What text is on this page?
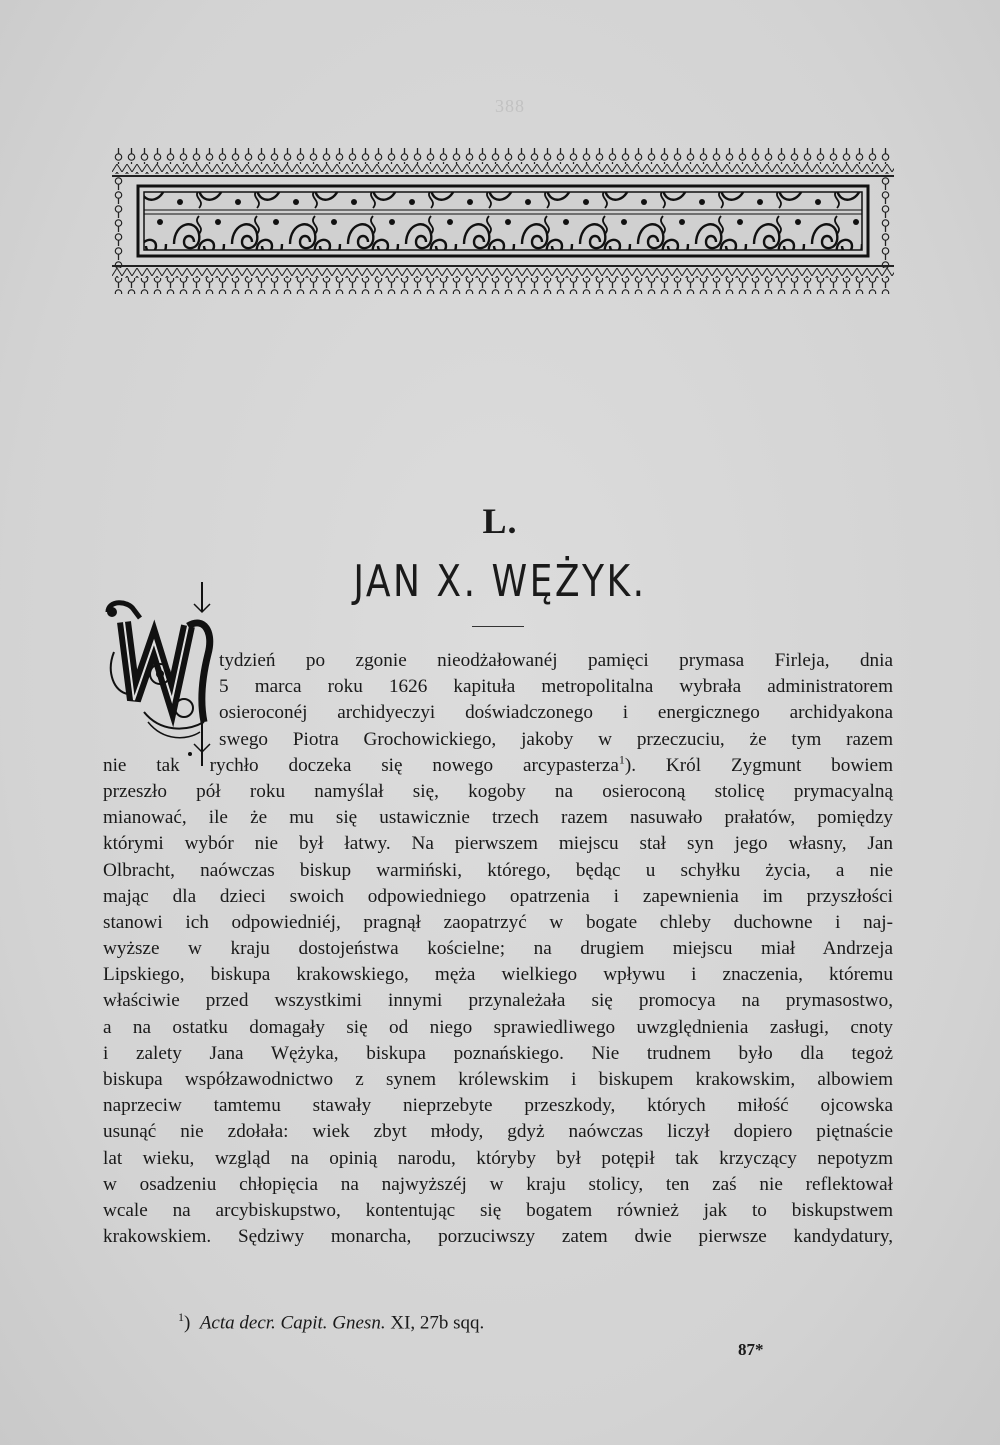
388
L.
JAN X. WĘŻYK.
tydzień po zgonie nieodżałowanéj pamięci prymasa Firleja, dnia
5 marca roku 1626 kapituła metropolitalna wybrała administratorem
osieroconéj archidyeczyi doświadczonego i energicznego archidyakona
swego Piotra Grochowickiego, jakoby w przeczuciu, że tym razem
nie tak rychło doczeka się nowego arcypasterza$^1$). Król Zygmunt bowiem
przeszło pół roku namyślał się, kogoby na osieroconą stolicę prymacyalną
mianować, ile że mu się ustawicznie trzech razem nasuwało prałatów, pomiędzy
którymi wybór nie był łatwy. Na pierwszem miejscu stał syn jego własny, Jan
Olbracht, naówczas biskup warmiński, którego, będąc u schyłku życia, a nie
mając dla dzieci swoich odpowiedniego opatrzenia i zapewnienia im przyszłości
stanowi ich odpowiedniéj, pragnął zaopatrzyć w bogate chleby duchowne i naj-
wyższe w kraju dostojeństwa kościelne; na drugiem miejscu miał Andrzeja
Lipskiego, biskupa krakowskiego, męża wielkiego wpływu i znaczenia, któremu
właściwie przed wszystkimi innymi przynależała się promocya na prymasostwo,
a na ostatku domagały się od niego sprawiedliwego uwzględnienia zasługi, cnoty
i zalety Jana Wężyka, biskupa poznańskiego. Nie trudnem było dla tegoż
biskupa współzawodnictwo z synem królewskim i biskupem krakowskim, albowiem
naprzeciw tamtemu stawały nieprzebyte przeszkody, których miłość ojcowska
usunąć nie zdołała: wiek zbyt młody, gdyż naówczas liczył dopiero piętnaście
lat wieku, wzgląd na opinią narodu, któryby był potępił tak krzyczący nepotyzm
w osadzeniu chłopięcia na najwyższéj w kraju stolicy, ten zaś nie reflektował
wcale na arcybiskupstwo, kontentując się bogatem również jak to biskupstwem
krakowskiem. Sędziwy monarcha, porzuciwszy zatem dwie pierwsze kandydatury,
$^1$) Acta decr. Capit. Gnesn. XI, 27b sqq.
87*
